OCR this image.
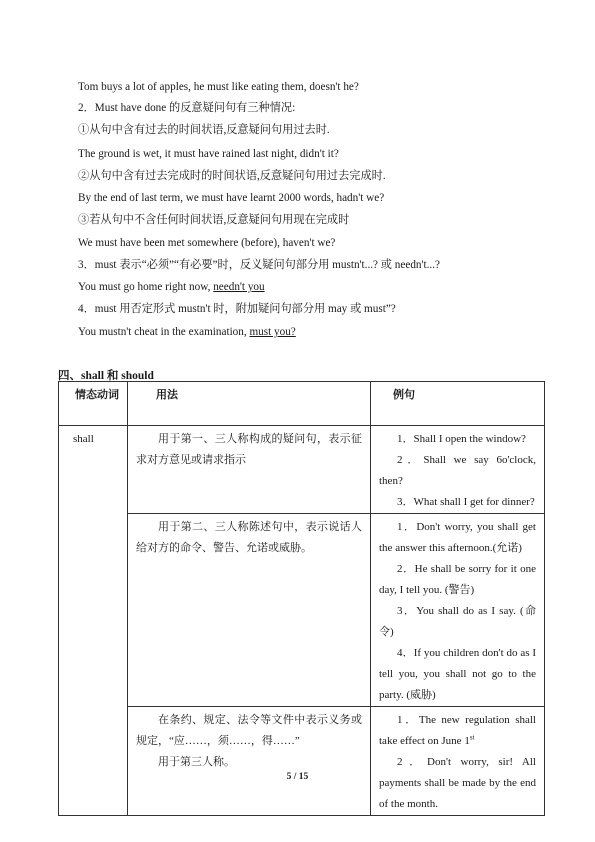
Tom buys a lot of apples, he must like eating them, doesn't he?
2．Must have done 的反意疑问句有三种情况:
①从句中含有过去的时间状语,反意疑问句用过去时.
The ground is wet, it must have rained last night, didn't it?
②从句中含有过去完成时的时间状语,反意疑问句用过去完成时.
By the end of last term, we must have learnt 2000 words, hadn't we?
③若从句中不含任何时间状语,反意疑问句用现在完成时
We must have been met somewhere (before), haven't we?
3．must 表示“必须”“有必要”时，反义疑问句部分用 mustn't...? 或 needn't...?
You must go home right now, needn't you
4．must 用否定形式 mustn't 时，附加疑问句部分用 may 或 must”?
You mustn't cheat in the examination, must you?
四、shall 和 should
情态动词	用法	例句
shall	用于第一、三人称构成的疑问句，表示征求对方意见或请求指示	1．Shall I open the window?
2．Shall we say 6o'clock, then?
3．What shall I get for dinner?

	用于第二、三人称陈述句中，表示说话人给对方的命令、警告、允诺或威胁。	1．Don't worry, you shall get the answer this afternoon.(允诺)
2．He shall be sorry for it one day, I tell you. (警告)
3．You shall do as I say. (命令)
4．If you children don't do as I tell you, you shall not go to the party. (威胁)

	在条约、规定、法令等文件中表示义务或规定，“应……，须……，得……”
用于第三人称。	1．The new regulation shall take effect on June 1st
2．Don't worry, sir! All payments shall be made by the end of the month.
5 / 15
